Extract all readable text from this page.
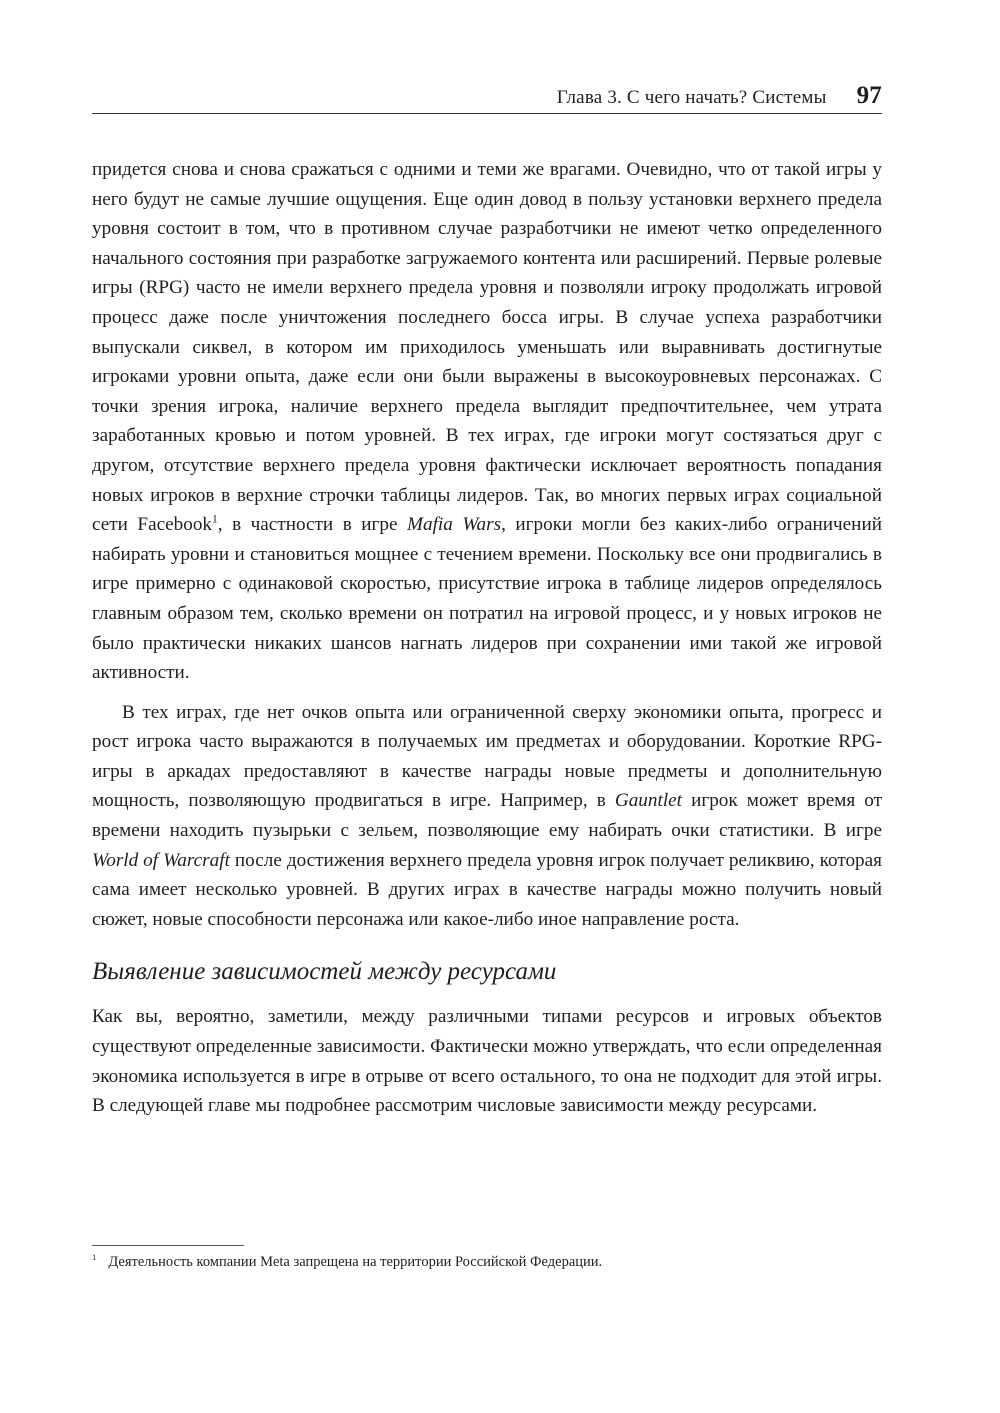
Глава 3. С чего начать? Системы 97

придется снова и снова сражаться с одними и теми же врагами. Очевидно, что от такой игры у него будут не самые лучшие ощущения. Еще один довод в пользу установки верхнего предела уровня состоит в том, что в противном случае разработчики не имеют четко определенного начального состояния при разработке загружаемого контента или расширений. Первые ролевые игры (RPG) часто не имели верхнего предела уровня и позволяли игроку продолжать игровой процесс даже после уничтожения последнего босса игры. В случае успеха разработчики выпускали сиквел, в котором им приходилось уменьшать или выравнивать достигнутые игроками уровни опыта, даже если они были выражены в высокоуровневых персонажах. С точки зрения игрока, наличие верхнего предела выглядит предпочтительнее, чем утрата заработанных кровью и потом уровней. В тех играх, где игроки могут состязаться друг с другом, отсутствие верхнего предела уровня фактически исключает вероятность попадания новых игроков в верхние строчки таблицы лидеров. Так, во многих первых играх социальной сети Facebook$^1$, в частности в игре Mafia Wars, игроки могли без каких-либо ограничений набирать уровни и становиться мощнее с течением времени. Поскольку все они продвигались в игре примерно с одинаковой скоростью, присутствие игрока в таблице лидеров определялось главным образом тем, сколько времени он потратил на игровой процесс, и у новых игроков не было практически никаких шансов нагнать лидеров при сохранении ими такой же игровой активности.

В тех играх, где нет очков опыта или ограниченной сверху экономики опыта, прогресс и рост игрока часто выражаются в получаемых им предметах и оборудовании. Короткие RPG-игры в аркадах предоставляют в качестве награды новые предметы и дополнительную мощность, позволяющую продвигаться в игре. Например, в Gauntlet игрок может время от времени находить пузырьки с зельем, позволяющие ему набирать очки статистики. В игре World of Warcraft после достижения верхнего предела уровня игрок получает реликвию, которая сама имеет несколько уровней. В других играх в качестве награды можно получить новый сюжет, новые способности персонажа или какое-либо иное направление роста.

Выявление зависимостей между ресурсами

Как вы, вероятно, заметили, между различными типами ресурсов и игровых объектов существуют определенные зависимости. Фактически можно утверждать, что если определенная экономика используется в игре в отрыве от всего остального, то она не подходит для этой игры. В следующей главе мы подробнее рассмотрим числовые зависимости между ресурсами.

$^1$ Деятельность компании Meta запрещена на территории Российской Федерации.
